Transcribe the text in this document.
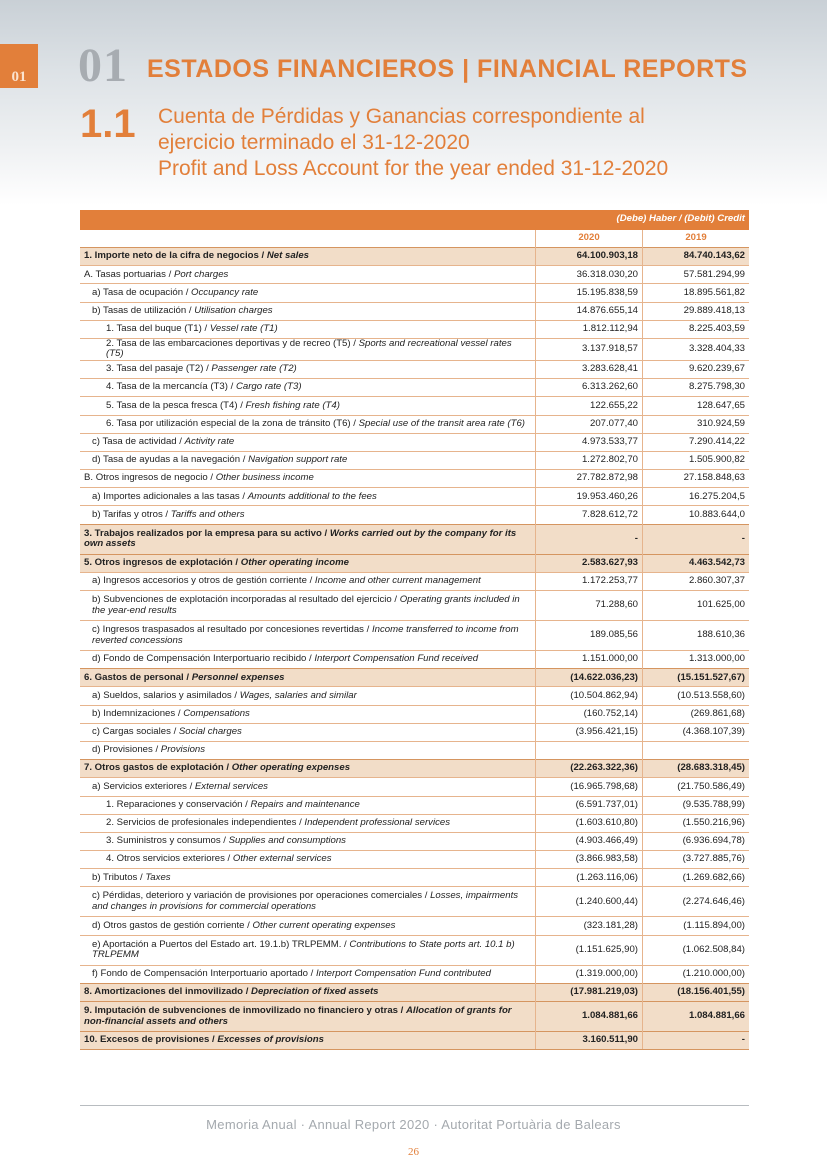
01 01 ESTADOS FINANCIEROS | FINANCIAL REPORTS
1.1 Cuenta de Pérdidas y Ganancias correspondiente al
ejercicio terminado el 31-12-2020
Profit and Loss Account for the year ended 31-12-2020
	(Debe) Haber / (Debit) Credit	
	2020	2019
1. Importe neto de la cifra de negocios / Net sales	64.100.903,18	84.740.143,62
A. Tasas portuarias / Port charges	36.318.030,20	57.581.294,99
a) Tasa de ocupación / Occupancy rate	15.195.838,59	18.895.561,82
b) Tasas de utilización / Utilisation charges	14.876.655,14	29.889.418,13
1. Tasa del buque (T1) / Vessel rate (T1)	1.812.112,94	8.225.403,59
2. Tasa de las embarcaciones deportivas y de recreo (T5) / Sports and recreational vessel rates (T5)	3.137.918,57	3.328.404,33
3. Tasa del pasaje (T2) / Passenger rate (T2)	3.283.628,41	9.620.239,67
4. Tasa de la mercancía (T3) / Cargo rate (T3)	6.313.262,60	8.275.798,30
5. Tasa de la pesca fresca (T4) / Fresh fishing rate (T4)	122.655,22	128.647,65
6. Tasa por utilización especial de la zona de tránsito (T6) / Special use of the transit area rate (T6)	207.077,40	310.924,59
c) Tasa de actividad / Activity rate	4.973.533,77	7.290.414,22
d) Tasa de ayudas a la navegación / Navigation support rate	1.272.802,70	1.505.900,82
B. Otros ingresos de negocio / Other business income	27.782.872,98	27.158.848,63
a) Importes adicionales a las tasas / Amounts additional to the fees	19.953.460,26	16.275.204,5
b) Tarifas y otros / Tariffs and others	7.828.612,72	10.883.644,0
3. Trabajos realizados por la empresa para su activo / Works carried out by the company for its own assets	-	-
5. Otros ingresos de explotación / Other operating income	2.583.627,93	4.463.542,73
a) Ingresos accesorios y otros de gestión corriente / Income and other current management	1.172.253,77	2.860.307,37
b) Subvenciones de explotación incorporadas al resultado del ejercicio / Operating grants included in the year-end results	71.288,60	101.625,00
c) Ingresos traspasados al resultado por concesiones revertidas / Income transferred to income from reverted concessions	189.085,56	188.610,36
d) Fondo de Compensación Interportuario recibido / Interport Compensation Fund received	1.151.000,00	1.313.000,00
6. Gastos de personal / Personnel expenses	(14.622.036,23)	(15.151.527,67)
a) Sueldos, salarios y asimilados / Wages, salaries and similar	(10.504.862,94)	(10.513.558,60)
b) Indemnizaciones / Compensations	(160.752,14)	(269.861,68)
c) Cargas sociales / Social charges	(3.956.421,15)	(4.368.107,39)
d) Provisiones / Provisions		
7. Otros gastos de explotación / Other operating expenses	(22.263.322,36)	(28.683.318,45)
a) Servicios exteriores / External services	(16.965.798,68)	(21.750.586,49)
1. Reparaciones y conservación / Repairs and maintenance	(6.591.737,01)	(9.535.788,99)
2. Servicios de profesionales independientes / Independent professional services	(1.603.610,80)	(1.550.216,96)
3. Suministros y consumos / Supplies and consumptions	(4.903.466,49)	(6.936.694,78)
4. Otros servicios exteriores / Other external services	(3.866.983,58)	(3.727.885,76)
b) Tributos / Taxes	(1.263.116,06)	(1.269.682,66)
c) Pérdidas, deterioro y variación de provisiones por operaciones comerciales / Losses, impairments and changes in provisions for commercial operations	(1.240.600,44)	(2.274.646,46)
d) Otros gastos de gestión corriente / Other current operating expenses	(323.181,28)	(1.115.894,00)
e) Aportación a Puertos del Estado art. 19.1.b) TRLPEMM. / Contributions to State ports art. 10.1 b) TRLPEMM	(1.151.625,90)	(1.062.508,84)
f) Fondo de Compensación Interportuario aportado / Interport Compensation Fund contributed	(1.319.000,00)	(1.210.000,00)
8. Amortizaciones del inmovilizado / Depreciation of fixed assets	(17.981.219,03)	(18.156.401,55)
9. Imputación de subvenciones de inmovilizado no financiero y otras / Allocation of grants for non-financial assets and others	1.084.881,66	1.084.881,66
10. Excesos de provisiones / Excesses of provisions	3.160.511,90	-
Memoria Anual · Annual Report 2020 · Autoritat Portuària de Balears
26
